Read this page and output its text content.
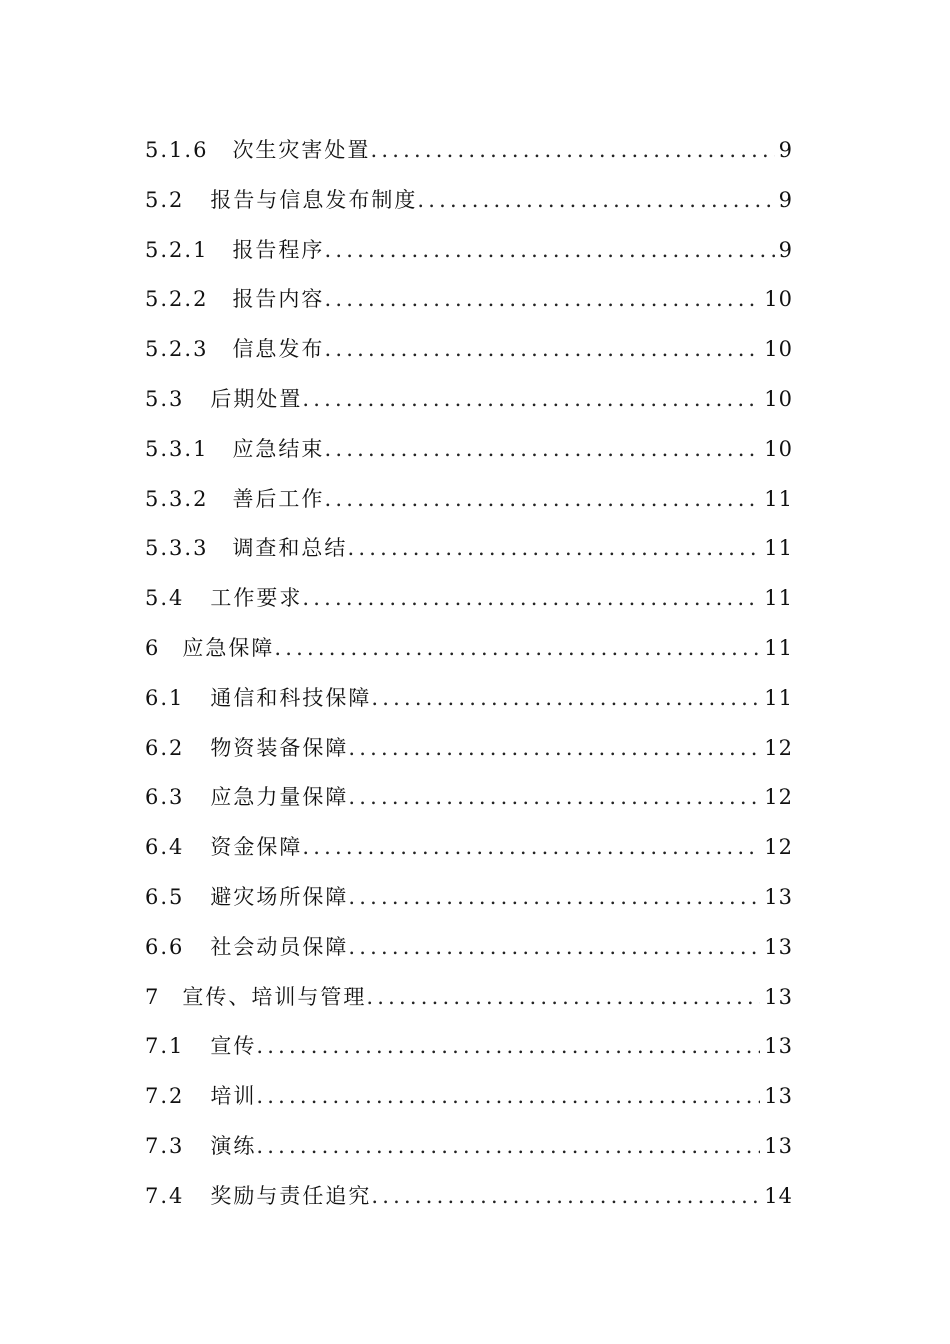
5.1.6 次生灾害处置 .....	9
5.2 报告与信息发布制度 .....	9
5.2.1 报告程序 .....	9
5.2.2 报告内容 .....	10
5.2.3 信息发布 .....	10
5.3 后期处置 .....	10
5.3.1 应急结束 .....	10
5.3.2 善后工作 .....	11
5.3.3 调查和总结 .....	11
5.4 工作要求 .....	11
6 应急保障 .....	11
6.1 通信和科技保障 .....	11
6.2 物资装备保障 .....	12
6.3 应急力量保障 .....	12
6.4 资金保障 .....	12
6.5 避灾场所保障 .....	13
6.6 社会动员保障 .....	13
7 宣传、培训与管理 .....	13
7.1 宣传 .....	13
7.2 培训 .....	13
7.3 演练 .....	13
7.4 奖励与责任追究 .....	14
